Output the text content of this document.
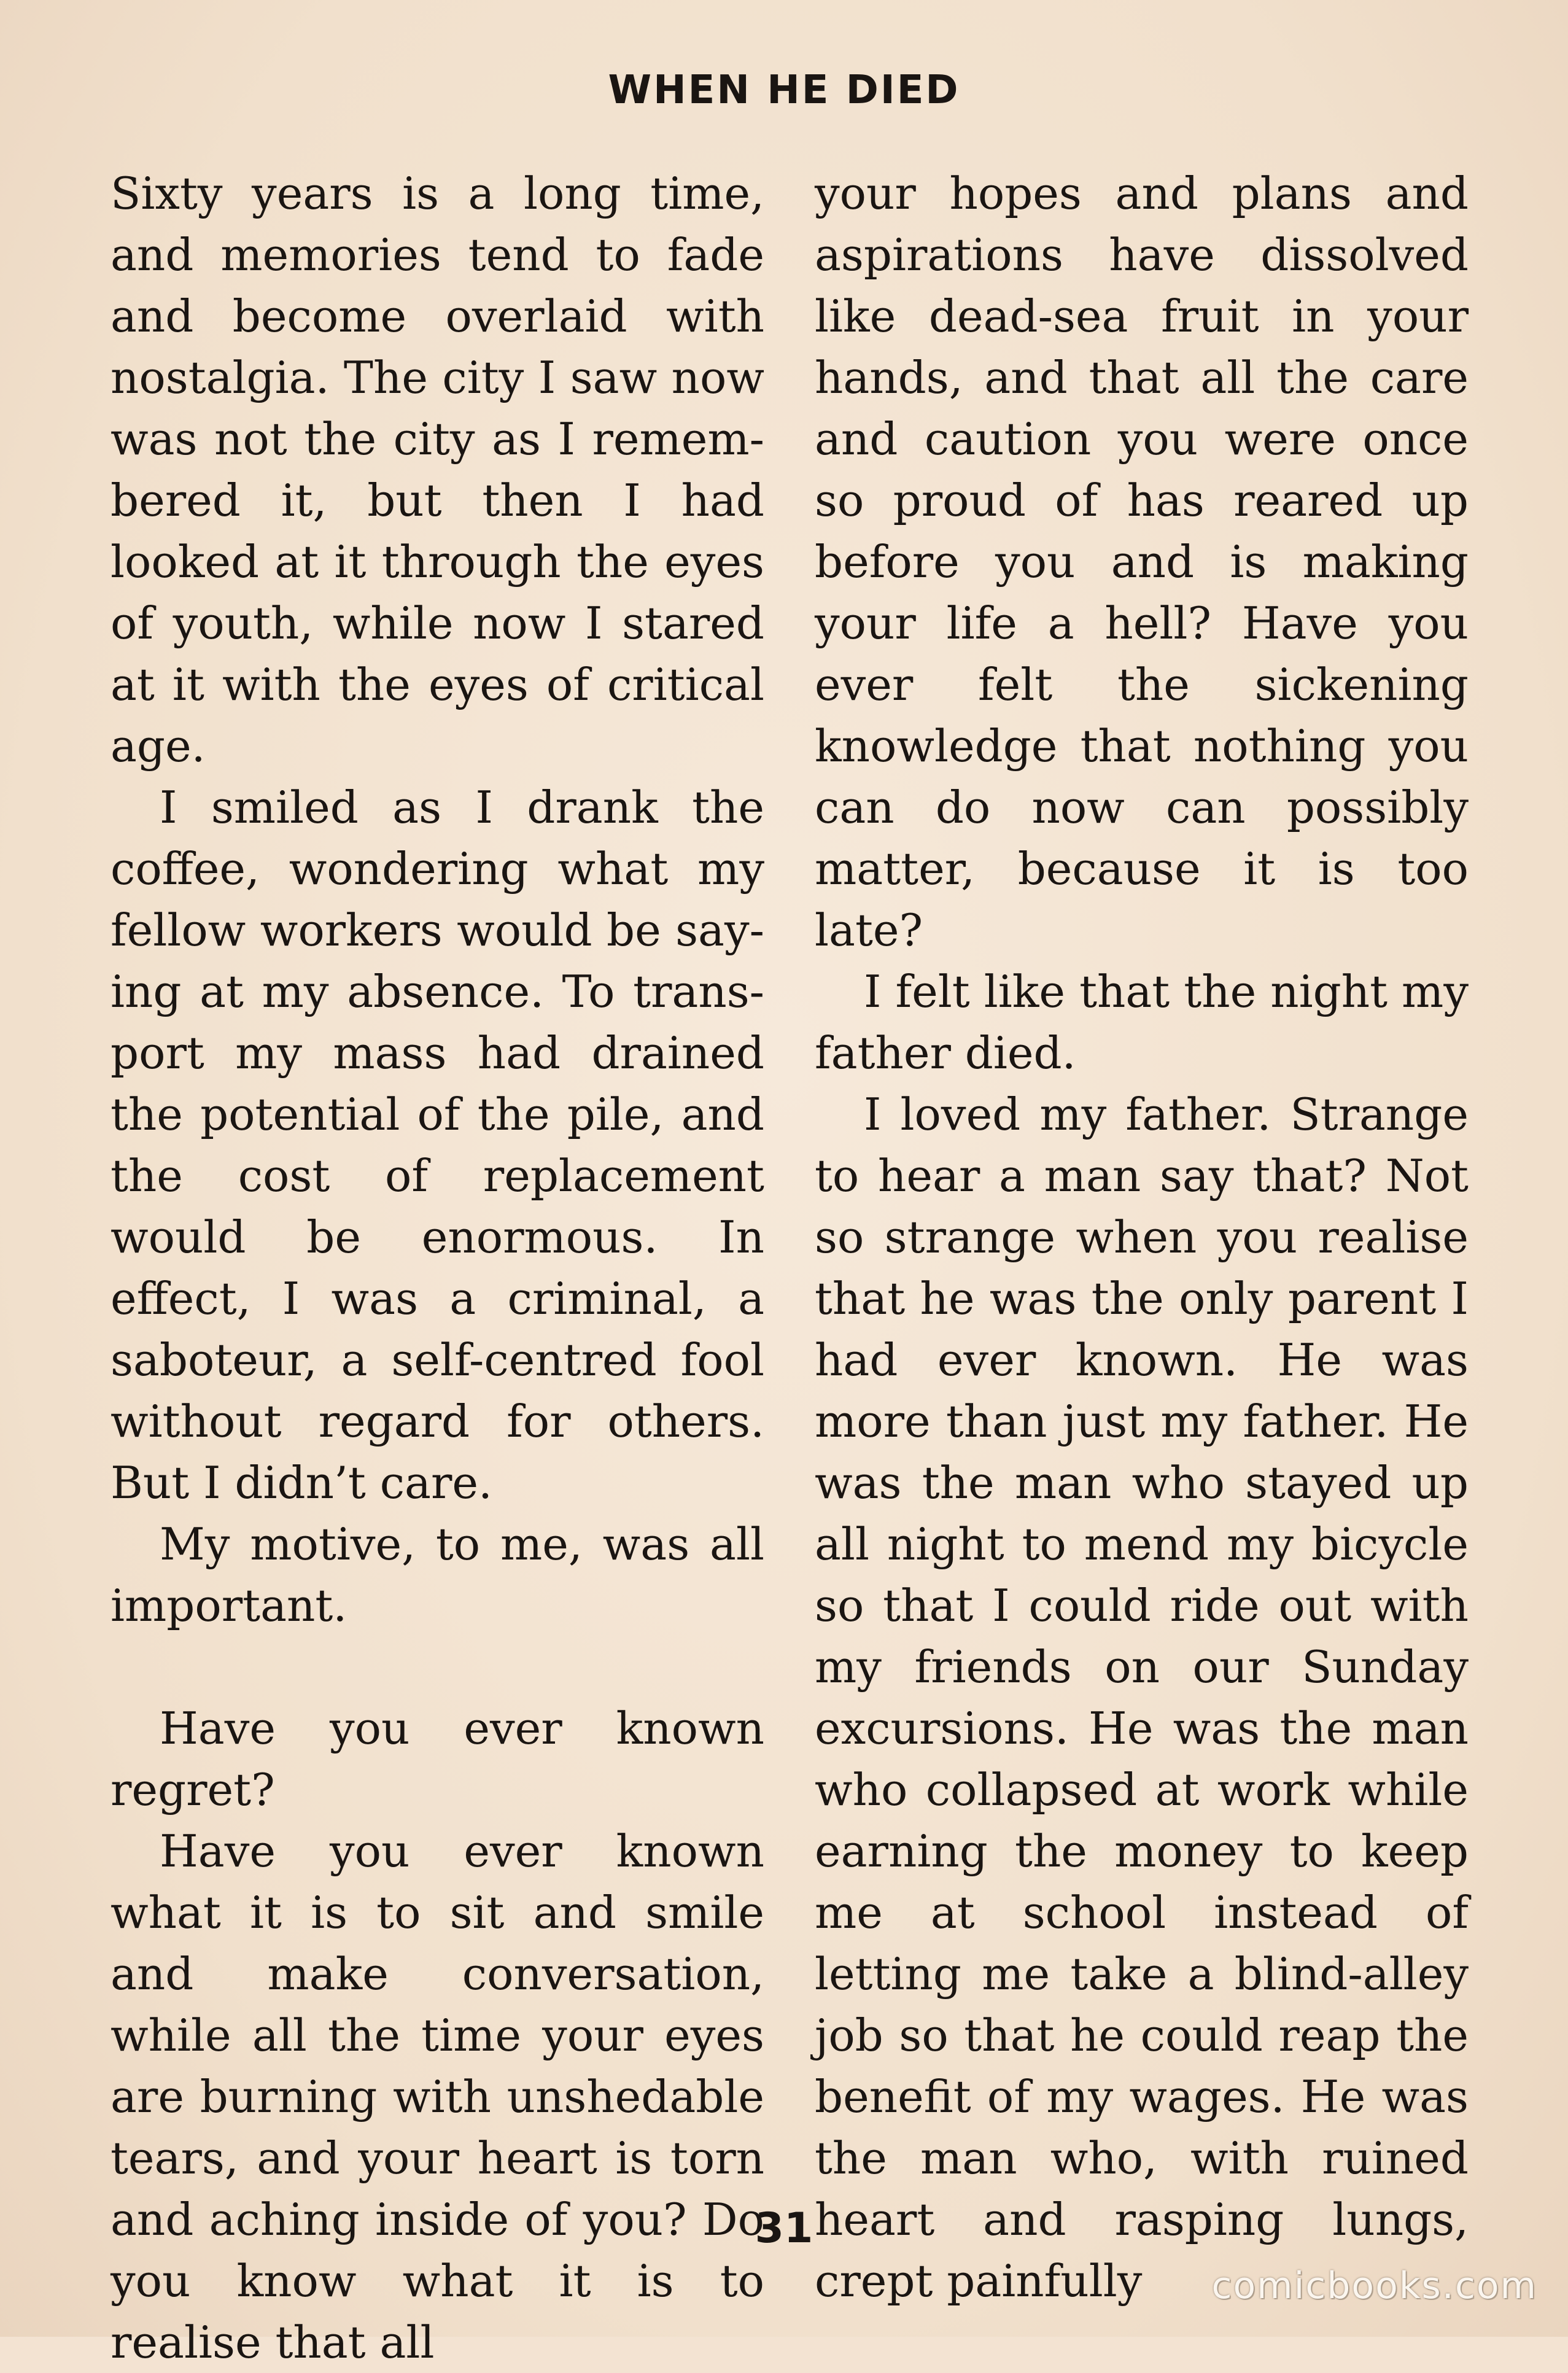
WHEN HE DIED

Sixty years is a long time, and memories tend to fade and become overlaid with nostalgia. The city I saw now was not the city as I remembered it, but then I had looked at it through the eyes of youth, while now I stared at it with the eyes of critical age.

I smiled as I drank the coffee, wondering what my fellow workers would be saying at my absence. To transport my mass had drained the potential of the pile, and the cost of replacement would be enormous. In effect, I was a criminal, a saboteur, a self-centred fool without regard for others. But I didn’t care.

My motive, to me, was all important.

Have you ever known regret?

Have you ever known what it is to sit and smile and make conversation, while all the time your eyes are burning with unshedable tears, and your heart is torn and aching inside of you? Do you know what it is to realise that all

your hopes and plans and aspirations have dissolved like dead-sea fruit in your hands, and that all the care and caution you were once so proud of has reared up before you and is making your life a hell? Have you ever felt the sickening knowledge that nothing you can do now can possibly matter, because it is too late?

I felt like that the night my father died.

I loved my father. Strange to hear a man say that? Not so strange when you realise that he was the only parent I had ever known. He was more than just my father. He was the man who stayed up all night to mend my bicycle so that I could ride out with my friends on our Sunday excursions. He was the man who collapsed at work while earning the money to keep me at school instead of letting me take a blind-alley job so that he could reap the benefit of my wages. He was the man who, with ruined heart and rasping lungs, crept painfully

31
comicbooks.com
